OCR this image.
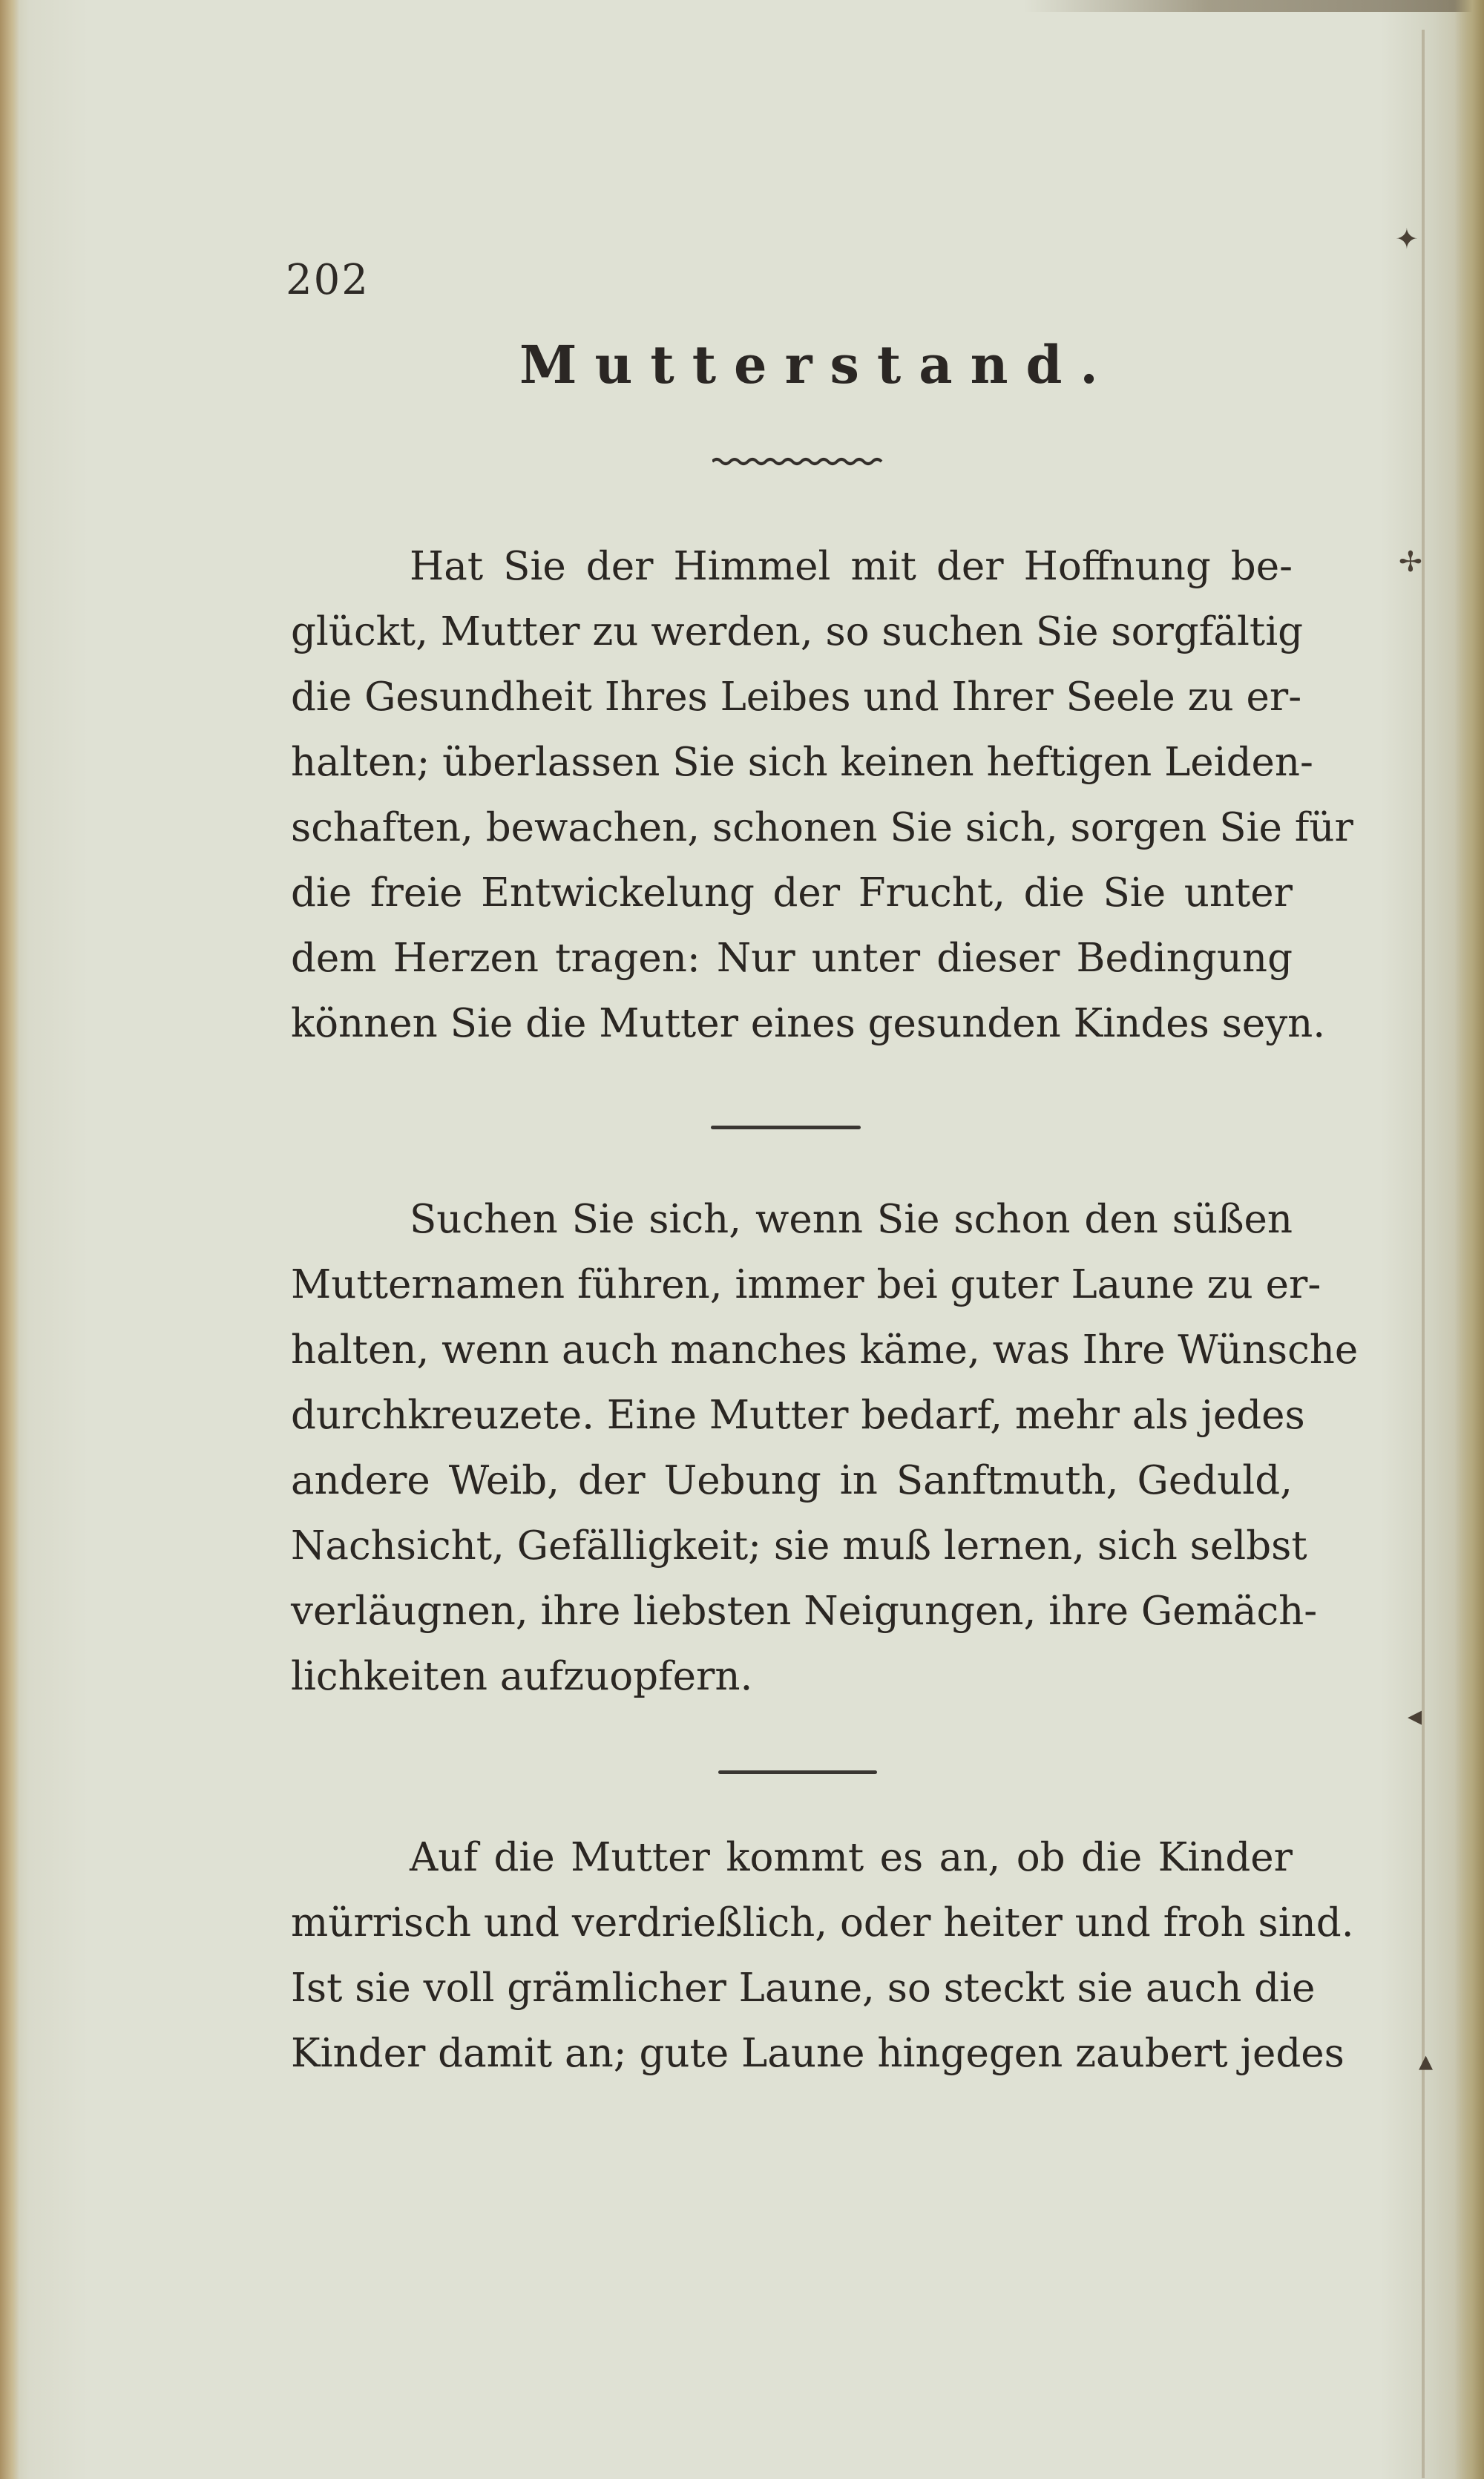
202
Mutterstand.
Hat Sie der Himmel mit der Hoffnung be-
glückt, Mutter zu werden, so suchen Sie sorgfältig
die Gesundheit Ihres Leibes und Ihrer Seele zu er-
halten; überlassen Sie sich keinen heftigen Leiden-
schaften, bewachen, schonen Sie sich, sorgen Sie für
die freie Entwickelung der Frucht, die Sie unter
dem Herzen tragen: Nur unter dieser Bedingung
können Sie die Mutter eines gesunden Kindes seyn.
Suchen Sie sich, wenn Sie schon den süßen
Mutternamen führen, immer bei guter Laune zu er-
halten, wenn auch manches käme, was Ihre Wünsche
durchkreuzete. Eine Mutter bedarf, mehr als jedes
andere Weib, der Uebung in Sanftmuth, Geduld,
Nachsicht, Gefälligkeit; sie muß lernen, sich selbst
verläugnen, ihre liebsten Neigungen, ihre Gemäch-
lichkeiten aufzuopfern.
Auf die Mutter kommt es an, ob die Kinder
mürrisch und verdrießlich, oder heiter und froh sind.
Ist sie voll grämlicher Laune, so steckt sie auch die
Kinder damit an; gute Laune hingegen zaubert jedes
✦
✢
◂
▴
